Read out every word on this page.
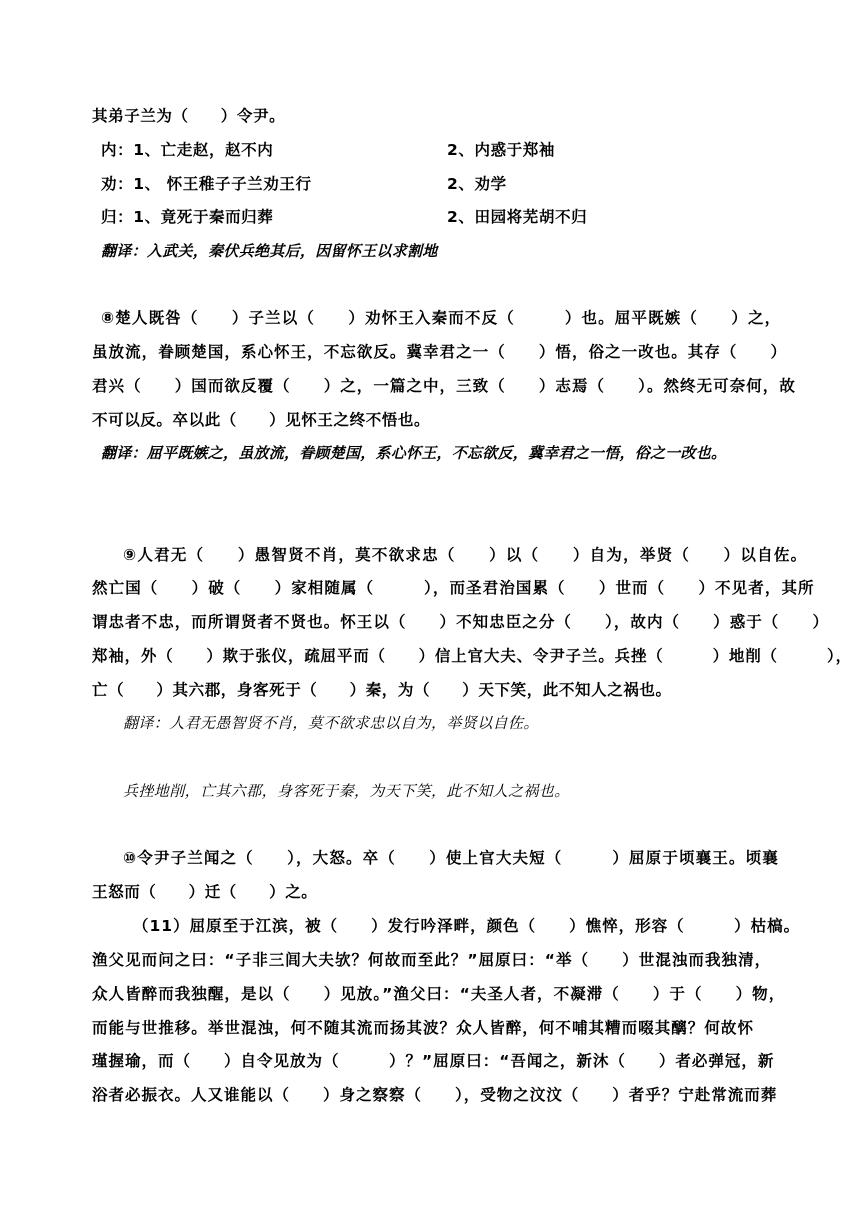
其弟子兰为（　　）令尹。
内：1、亡走赵，赵不内	2、内惑于郑袖
劝：1、 怀王稚子子兰劝王行	2、劝学
归：1、竟死于秦而归葬	2、田园将芜胡不归
翻译：入武关，秦伏兵绝其后，因留怀王以求割地
⑧楚人既咎（　　）子兰以（　　）劝怀王入秦而不反（　　　）也。屈平既嫉（　　）之，
虽放流，眷顾楚国，系心怀王，不忘欲反。冀幸君之一（　　）悟，俗之一改也。其存（　　）
君兴（　　）国而欲反覆（　　）之，一篇之中，三致（　　）志焉（　　）。然终无可奈何，故
不可以反。卒以此（　　）见怀王之终不悟也。
翻译：屈平既嫉之，虽放流，眷顾楚国，系心怀王，不忘欲反，冀幸君之一悟，俗之一改也。
⑨人君无（　　）愚智贤不肖，莫不欲求忠（　　）以（　　）自为，举贤（　　）以自佐。
然亡国（　　）破（　　）家相随属（　　　），而圣君治国累（　　）世而（　　）不见者，其所
谓忠者不忠，而所谓贤者不贤也。怀王以（　　）不知忠臣之分（　　），故内（　　）惑于（　　）
郑袖，外（　　）欺于张仪，疏屈平而（　　）信上官大夫、令尹子兰。兵挫（　　　）地削（　　　），
亡（　　）其六郡，身客死于（　　）秦，为（　　）天下笑，此不知人之祸也。
翻译：人君无愚智贤不肖，莫不欲求忠以自为，举贤以自佐。
兵挫地削，亡其六郡，身客死于秦，为天下笑，此不知人之祸也。
⑩令尹子兰闻之（　　），大怒。卒（　　）使上官大夫短（　　　）屈原于顷襄王。顷襄
王怒而（　　）迁（　　）之。
（11）屈原至于江滨，被（　　）发行吟泽畔，颜色（　　）憔悴，形容（　　　）枯槁。
渔父见而问之曰：“子非三闾大夫欤？何故而至此？”屈原曰：“举（　　）世混浊而我独清，
众人皆醉而我独醒，是以（　　）见放。”渔父曰：“夫圣人者，不凝滞（　　）于（　　）物，
而能与世推移。举世混浊，何不随其流而扬其波？众人皆醉，何不哺其糟而啜其醨？何故怀
瑾握瑜，而（　　）自令见放为（　　　）？”屈原曰：“吾闻之，新沐（　　）者必弹冠，新
浴者必振衣。人又谁能以（　　）身之察察（　　），受物之汶汶（　　）者乎？宁赴常流而葬
